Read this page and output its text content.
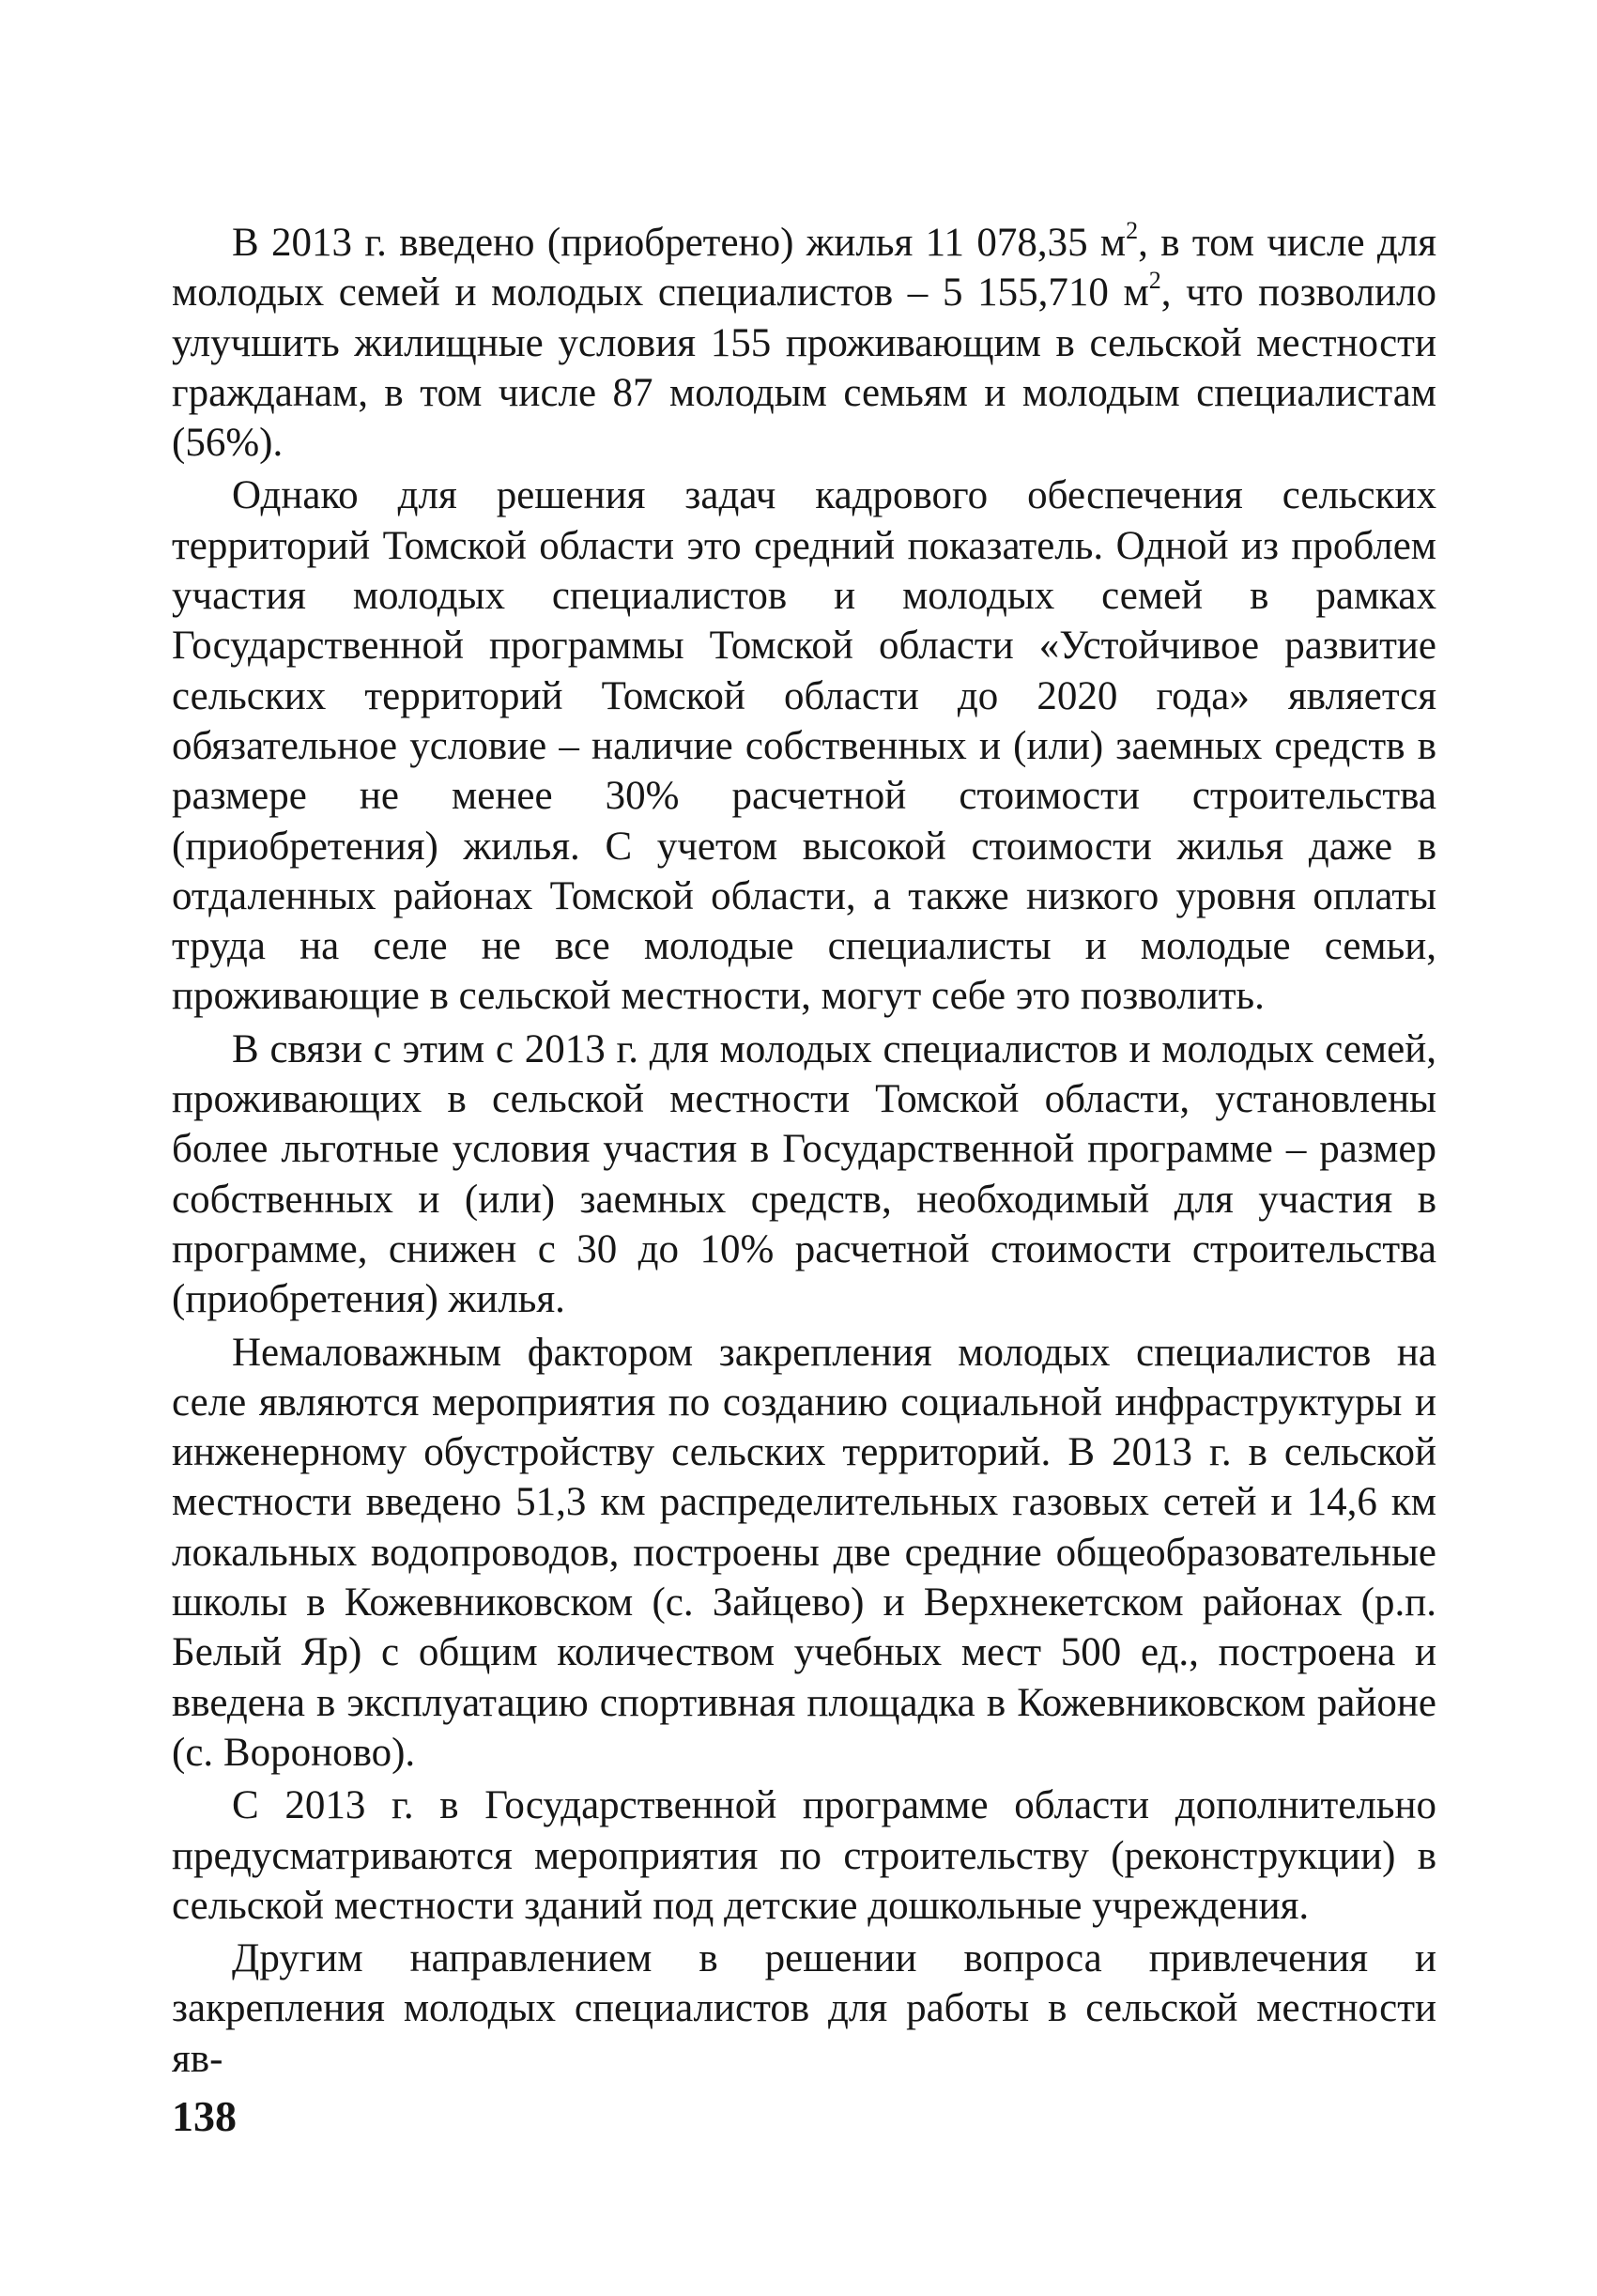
В 2013 г. введено (приобретено) жилья 11 078,35 $м^2$, в том числе для молодых семей и молодых специалистов – 5 155,710 $м^2$, что позволило улучшить жилищные условия 155 проживающим в сельской местности гражданам, в том числе 87 молодым семьям и молодым специалистам (56%).

Однако для решения задач кадрового обеспечения сельских территорий Томской области это средний показатель. Одной из проблем участия молодых специалистов и молодых семей в рамках Государственной программы Томской области «Устойчивое развитие сельских территорий Томской области до 2020 года» является обязательное условие – наличие собственных и (или) заемных средств в размере не менее 30% расчетной стоимости строительства (приобретения) жилья. С учетом высокой стоимости жилья даже в отдаленных районах Томской области, а также низкого уровня оплаты труда на селе не все молодые специалисты и молодые семьи, проживающие в сельской местности, могут себе это позволить.

В связи с этим с 2013 г. для молодых специалистов и молодых семей, проживающих в сельской местности Томской области, установлены более льготные условия участия в Государственной программе – размер собственных и (или) заемных средств, необходимый для участия в программе, снижен с 30 до 10% расчетной стоимости строительства (приобретения) жилья.

Немаловажным фактором закрепления молодых специалистов на селе являются мероприятия по созданию социальной инфраструктуры и инженерному обустройству сельских территорий. В 2013 г. в сельской местности введено 51,3 км распределительных газовых сетей и 14,6 км локальных водопроводов, построены две средние общеобразовательные школы в Кожевниковском (с. Зайцево) и Верхнекетском районах (р.п. Белый Яр) с общим количеством учебных мест 500 ед., построена и введена в эксплуатацию спортивная площадка в Кожевниковском районе (с. Вороново).

С 2013 г. в Государственной программе области дополнительно предусматриваются мероприятия по строительству (реконструкции) в сельской местности зданий под детские дошкольные учреждения.

Другим направлением в решении вопроса привлечения и закрепления молодых специалистов для работы в сельской местности яв-

138
